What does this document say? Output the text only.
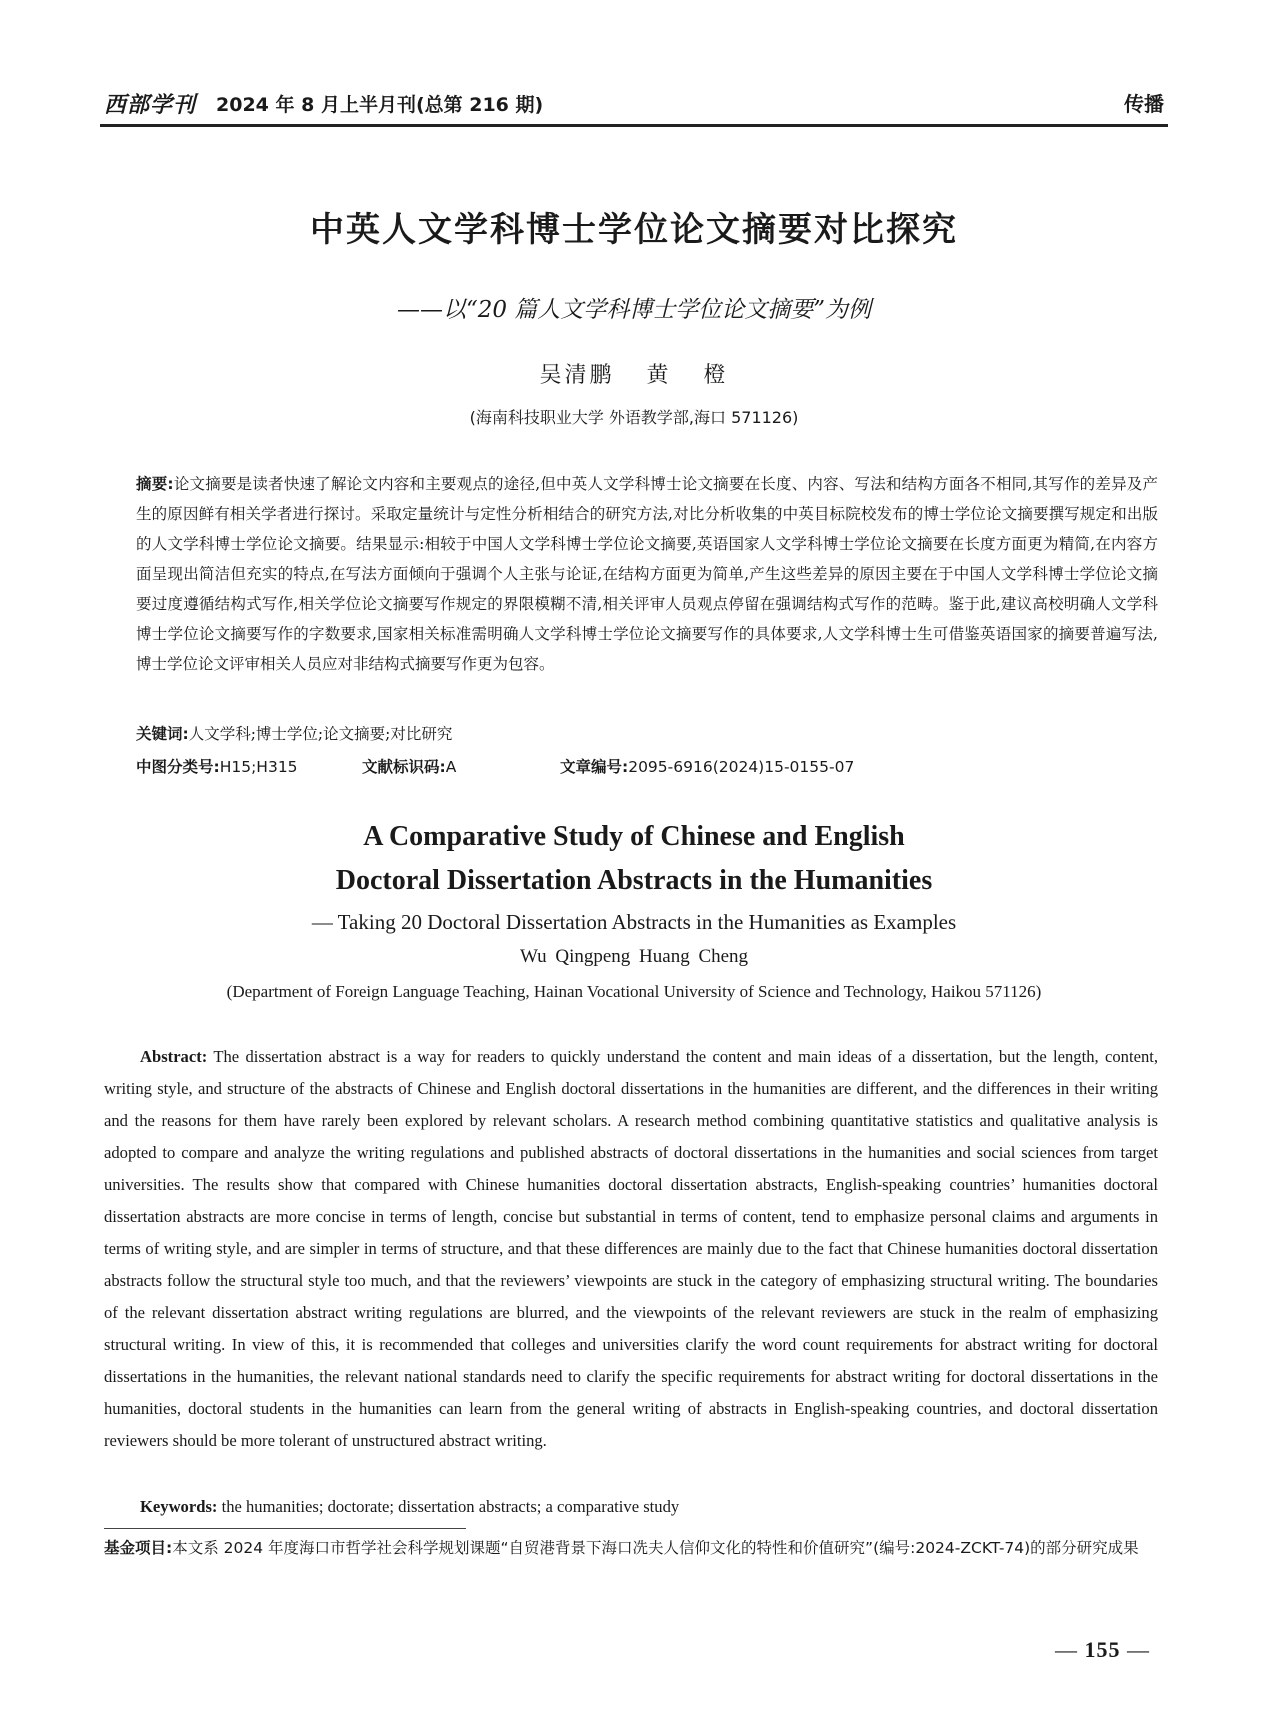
西部学刊 2024 年 8 月上半月刊(总第 216 期)	传播
中英人文学科博士学位论文摘要对比探究
——以“20 篇人文学科博士学位论文摘要”为例
吴清鹏 黄 橙
(海南科技职业大学 外语教学部,海口 571126)
摘要:论文摘要是读者快速了解论文内容和主要观点的途径,但中英人文学科博士论文摘要在长度、内容、写法和结构方面各不相同,其写作的差异及产生的原因鲜有相关学者进行探讨。采取定量统计与定性分析相结合的研究方法,对比分析收集的中英目标院校发布的博士学位论文摘要撰写规定和出版的人文学科博士学位论文摘要。结果显示:相较于中国人文学科博士学位论文摘要,英语国家人文学科博士学位论文摘要在长度方面更为精简,在内容方面呈现出简洁但充实的特点,在写法方面倾向于强调个人主张与论证,在结构方面更为简单,产生这些差异的原因主要在于中国人文学科博士学位论文摘要过度遵循结构式写作,相关学位论文摘要写作规定的界限模糊不清,相关评审人员观点停留在强调结构式写作的范畴。鉴于此,建议高校明确人文学科博士学位论文摘要写作的字数要求,国家相关标准需明确人文学科博士学位论文摘要写作的具体要求,人文学科博士生可借鉴英语国家的摘要普遍写法,博士学位论文评审相关人员应对非结构式摘要写作更为包容。
关键词:人文学科;博士学位;论文摘要;对比研究
中图分类号:H15;H315	文献标识码:A	文章编号:2095-6916(2024)15-0155-07
A Comparative Study of Chinese and English
Doctoral Dissertation Abstracts in the Humanities
— Taking 20 Doctoral Dissertation Abstracts in the Humanities as Examples
Wu Qingpeng Huang Cheng
(Department of Foreign Language Teaching, Hainan Vocational University of Science and Technology, Haikou 571126)
Abstract: The dissertation abstract is a way for readers to quickly understand the content and main ideas of a dissertation, but the length, content, writing style, and structure of the abstracts of Chinese and English doctoral dissertations in the humanities are different, and the differences in their writing and the reasons for them have rarely been explored by relevant scholars. A research method combining quantitative statistics and qualitative analysis is adopted to compare and analyze the writing regulations and published abstracts of doctoral dissertations in the humanities and social sciences from target universities. The results show that compared with Chinese humanities doctoral dissertation abstracts, English-speaking countries’ humanities doctoral dissertation abstracts are more concise in terms of length, concise but substantial in terms of content, tend to emphasize personal claims and arguments in terms of writing style, and are simpler in terms of structure, and that these differences are mainly due to the fact that Chinese humanities doctoral dissertation abstracts follow the structural style too much, and that the reviewers’ viewpoints are stuck in the category of emphasizing structural writing. The boundaries of the relevant dissertation abstract writing regulations are blurred, and the viewpoints of the relevant reviewers are stuck in the realm of emphasizing structural writing. In view of this, it is recommended that colleges and universities clarify the word count requirements for abstract writing for doctoral dissertations in the humanities, the relevant national standards need to clarify the specific requirements for abstract writing for doctoral dissertations in the humanities, doctoral students in the humanities can learn from the general writing of abstracts in English-speaking countries, and doctoral dissertation reviewers should be more tolerant of unstructured abstract writing.
Keywords: the humanities; doctorate; dissertation abstracts; a comparative study
基金项目:本文系 2024 年度海口市哲学社会科学规划课题“自贸港背景下海口冼夫人信仰文化的特性和价值研究”(编号:2024-ZCKT-74)的部分研究成果
— 155 —
